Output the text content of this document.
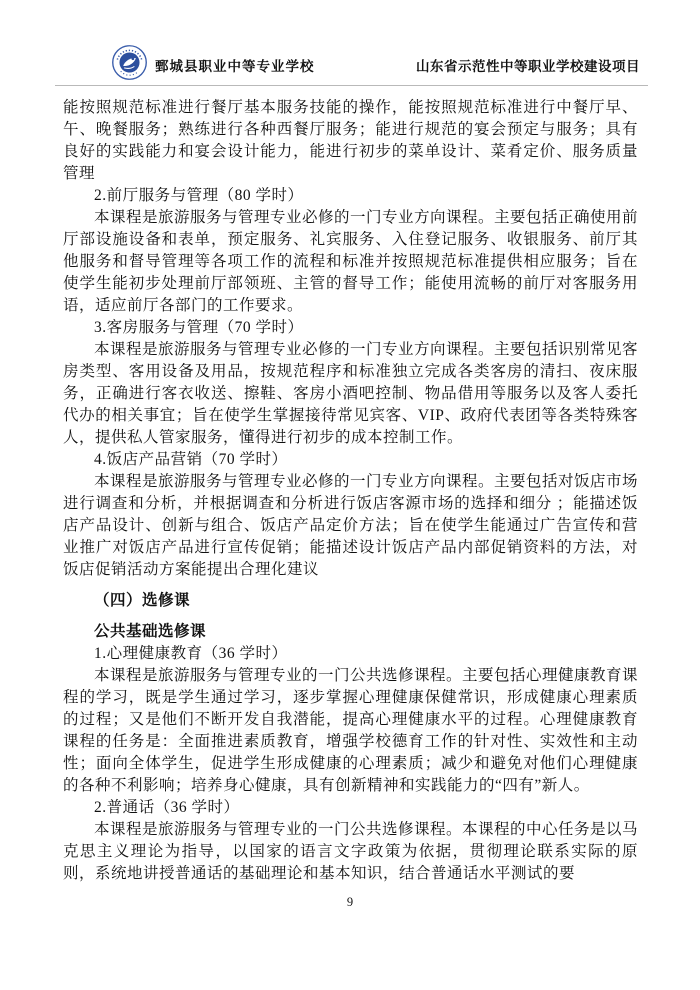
鄄城县职业中等专业学校	山东省示范性中等职业学校建设项目
能按照规范标准进行餐厅基本服务技能的操作，能按照规范标准进行中餐厅早、午、晚餐服务；熟练进行各种西餐厅服务；能进行规范的宴会预定与服务；具有良好的实践能力和宴会设计能力，能进行初步的菜单设计、菜肴定价、服务质量管理
2.前厅服务与管理（80 学时）
本课程是旅游服务与管理专业必修的一门专业方向课程。主要包括正确使用前厅部设施设备和表单，预定服务、礼宾服务、入住登记服务、收银服务、前厅其他服务和督导管理等各项工作的流程和标准并按照规范标准提供相应服务；旨在使学生能初步处理前厅部领班、主管的督导工作；能使用流畅的前厅对客服务用语，适应前厅各部门的工作要求。
3.客房服务与管理（70 学时）
本课程是旅游服务与管理专业必修的一门专业方向课程。主要包括识别常见客房类型、客用设备及用品，按规范程序和标准独立完成各类客房的清扫、夜床服务，正确进行客衣收送、擦鞋、客房小酒吧控制、物品借用等服务以及客人委托代办的相关事宜；旨在使学生掌握接待常见宾客、VIP、政府代表团等各类特殊客人，提供私人管家服务，懂得进行初步的成本控制工作。
4.饭店产品营销（70 学时）
本课程是旅游服务与管理专业必修的一门专业方向课程。主要包括对饭店市场进行调查和分析，并根据调查和分析进行饭店客源市场的选择和细分 ；能描述饭店产品设计、创新与组合、饭店产品定价方法；旨在使学生能通过广告宣传和营业推广对饭店产品进行宣传促销；能描述设计饭店产品内部促销资料的方法，对饭店促销活动方案能提出合理化建议
（四）选修课
公共基础选修课
1.心理健康教育（36 学时）
本课程是旅游服务与管理专业的一门公共选修课程。主要包括心理健康教育课程的学习，既是学生通过学习，逐步掌握心理健康保健常识，形成健康心理素质的过程；又是他们不断开发自我潜能，提高心理健康水平的过程。心理健康教育课程的任务是：全面推进素质教育，增强学校德育工作的针对性、实效性和主动性；面向全体学生，促进学生形成健康的心理素质；减少和避免对他们心理健康的各种不利影响；培养身心健康，具有创新精神和实践能力的“四有”新人。
2.普通话（36 学时）
本课程是旅游服务与管理专业的一门公共选修课程。本课程的中心任务是以马克思主义理论为指导，以国家的语言文字政策为依据，贯彻理论联系实际的原则，系统地讲授普通话的基础理论和基本知识，结合普通话水平测试的要
9
